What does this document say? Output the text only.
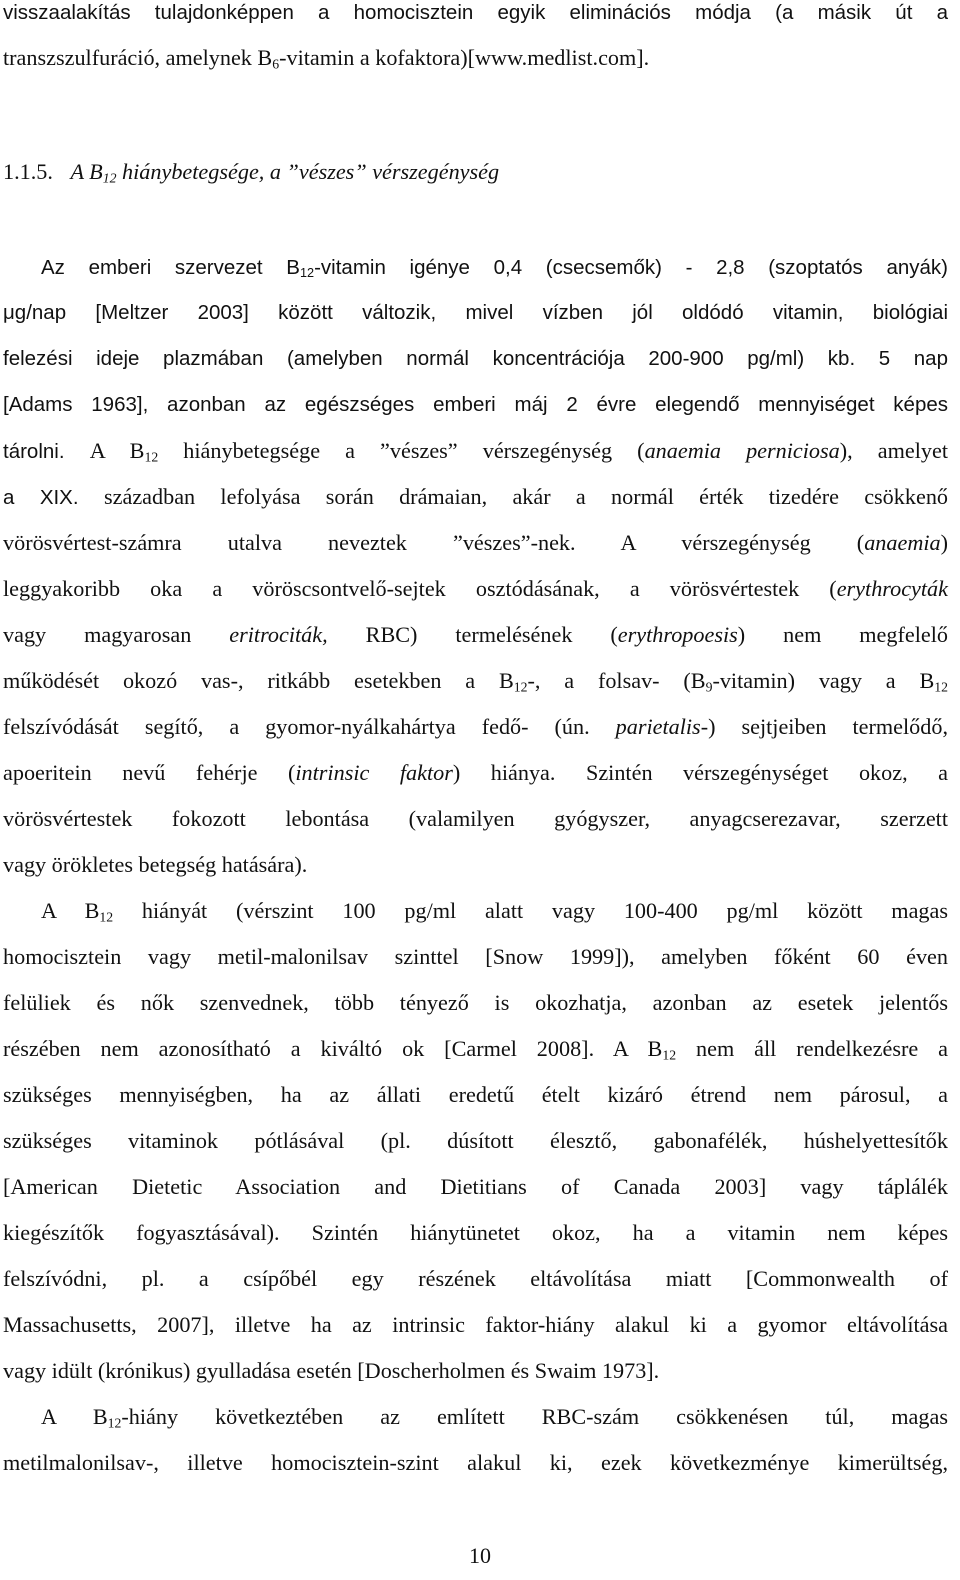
visszaalakítás tulajdonképpen a homocisztein egyik eliminációs módja (a másik út a
transzszulfuráció, amelynek $B_6$-vitamin a kofaktora)[www.medlist.com].
1.1.5. A $B_{12}$ hiánybetegsége, a ”vészes” vérszegénység
Az emberi szervezet $B_{12}$-vitamin igénye 0,4 (csecsemők) - 2,8 (szoptatós anyák)
μg/nap [Meltzer 2003] között változik, mivel vízben jól oldódó vitamin, biológiai
felezési ideje plazmában (amelyben normál koncentrációja 200-900 pg/ml) kb. 5 nap
[Adams 1963], azonban az egészséges emberi máj 2 évre elegendő mennyiséget képes
tárolni. A $B_{12}$ hiánybetegsége a ”vészes” vérszegénység (anaemia perniciosa), amelyet
a XIX. században lefolyása során drámaian, akár a normál érték tizedére csökkenő
vörösvértest-számra utalva neveztek ”vészes”-nek. A vérszegénység (anaemia)
leggyakoribb oka a vöröscsontvelő-sejtek osztódásának, a vörösvértestek (erythrocyták
vagy magyarosan eritrociták, RBC) termelésének (erythropoesis) nem megfelelő
működését okozó vas-, ritkább esetekben a $B_{12}-$, a folsav- $(B_9-vitamin)$ vagy a $B_{12}$
felszívódását segítő, a gyomor-nyálkahártya fedő- (ún. parietalis-) sejtjeiben termelődő,
apoeritein nevű fehérje (intrinsic faktor) hiánya. Szintén vérszegénységet okoz, a
vörösvértestek fokozott lebontása (valamilyen gyógyszer, anyagcserezavar, szerzett
vagy örökletes betegség hatására).
A $B_{12}$ hiányát (vérszint 100 pg/ml alatt vagy 100-400 pg/ml között magas
homocisztein vagy metil-malonilsav szinttel [Snow 1999]), amelyben főként 60 éven
felüliek és nők szenvednek, több tényező is okozhatja, azonban az esetek jelentős
részében nem azonosítható a kiváltó ok [Carmel 2008]. A $B_{12}$ nem áll rendelkezésre a
szükséges mennyiségben, ha az állati eredetű ételt kizáró étrend nem párosul, a
szükséges vitaminok pótlásával (pl. dúsított élesztő, gabonafélék, húshelyettesítők
[American Dietetic Association and Dietitians of Canada 2003] vagy táplálék
kiegészítők fogyasztásával). Szintén hiánytünetet okoz, ha a vitamin nem képes
felszívódni, pl. a csípőbél egy részének eltávolítása miatt [Commonwealth of
Massachusetts, 2007], illetve ha az intrinsic faktor-hiány alakul ki a gyomor eltávolítása
vagy idült (krónikus) gyulladása esetén [Doscherholmen és Swaim 1973].
A $B_{12}$-hiány következtében az említett RBC-szám csökkenésen túl, magas
metilmalonilsav-, illetve homocisztein-szint alakul ki, ezek következménye kimerültség,
10
